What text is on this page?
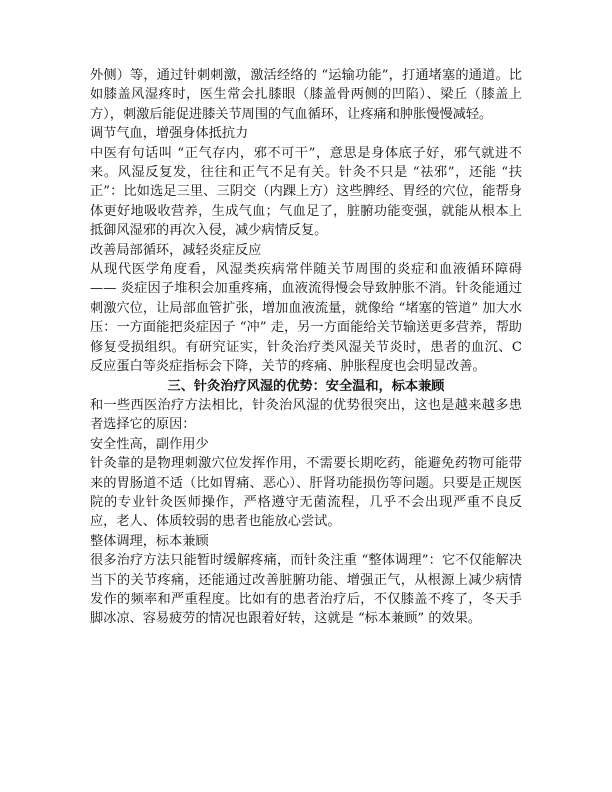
外侧）等，通过针刺刺激，激活经络的 “运输功能”，打通堵塞的通道。比如膝盖风湿疼时，医生常会扎膝眼（膝盖骨两侧的凹陷）、梁丘（膝盖上方），刺激后能促进膝关节周围的气血循环，让疼痛和肿胀慢慢减轻。

调节气血，增强身体抵抗力

中医有句话叫 “正气存内，邪不可干”，意思是身体底子好，邪气就进不来。风湿反复发，往往和正气不足有关。针灸不只是 “祛邪”，还能 “扶正”：比如选足三里、三阴交（内踝上方）这些脾经、胃经的穴位，能帮身体更好地吸收营养，生成气血；气血足了，脏腑功能变强，就能从根本上抵御风湿邪的再次入侵，减少病情反复。

改善局部循环，减轻炎症反应

从现代医学角度看，风湿类疾病常伴随关节周围的炎症和血液循环障碍 —— 炎症因子堆积会加重疼痛，血液流得慢会导致肿胀不消。针灸能通过刺激穴位，让局部血管扩张，增加血液流量，就像给 “堵塞的管道” 加大水压：一方面能把炎症因子 “冲” 走，另一方面能给关节输送更多营养，帮助修复受损组织。有研究证实，针灸治疗类风湿关节炎时，患者的血沉、C 反应蛋白等炎症指标会下降，关节的疼痛、肿胀程度也会明显改善。

三、针灸治疗风湿的优势：安全温和，标本兼顾

和一些西医治疗方法相比，针灸治风湿的优势很突出，这也是越来越多患者选择它的原因：

安全性高，副作用少

针灸靠的是物理刺激穴位发挥作用，不需要长期吃药，能避免药物可能带来的胃肠道不适（比如胃痛、恶心）、肝肾功能损伤等问题。只要是正规医院的专业针灸医师操作，严格遵守无菌流程，几乎不会出现严重不良反应，老人、体质较弱的患者也能放心尝试。

整体调理，标本兼顾

很多治疗方法只能暂时缓解疼痛，而针灸注重 “整体调理”：它不仅能解决当下的关节疼痛，还能通过改善脏腑功能、增强正气，从根源上减少病情发作的频率和严重程度。比如有的患者治疗后，不仅膝盖不疼了，冬天手脚冰凉、容易疲劳的情况也跟着好转，这就是 “标本兼顾” 的效果。
